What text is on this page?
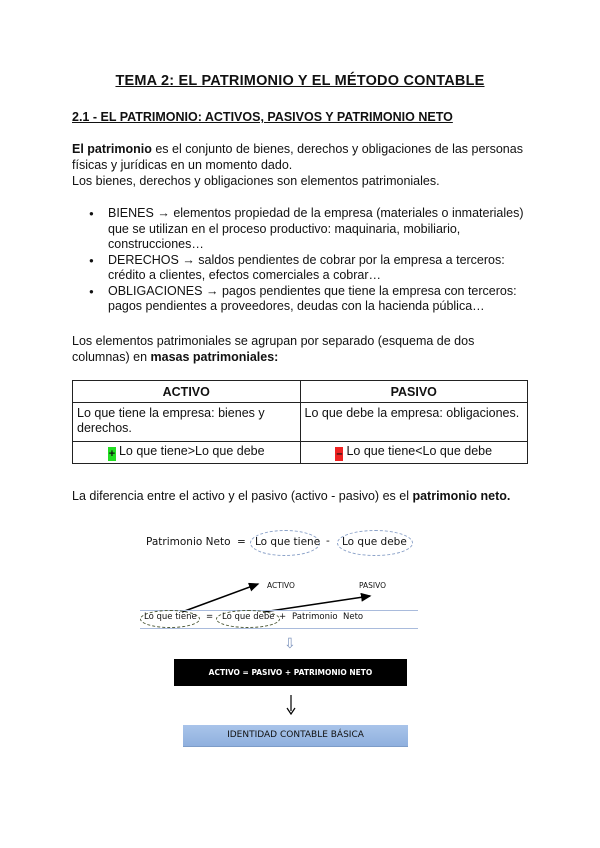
TEMA 2: EL PATRIMONIO Y EL MÉTODO CONTABLE
2.1 - EL PATRIMONIO: ACTIVOS, PASIVOS Y PATRIMONIO NETO
El patrimonio es el conjunto de bienes, derechos y obligaciones de las personas
físicas y jurídicas en un momento dado.
Los bienes, derechos y obligaciones son elementos patrimoniales.
● BIENES → elementos propiedad de la empresa (materiales o inmateriales) que se utilizan en el proceso productivo: maquinaria, mobiliario, construcciones…
● DERECHOS → saldos pendientes de cobrar por la empresa a terceros: crédito a clientes, efectos comerciales a cobrar…
● OBLIGACIONES → pagos pendientes que tiene la empresa con terceros: pagos pendientes a proveedores, deudas con la hacienda pública…
Los elementos patrimoniales se agrupan por separado (esquema de dos columnas) en masas patrimoniales:
ACTIVO	PASIVO
Lo que tiene la empresa: bienes y derechos.	Lo que debe la empresa: obligaciones.
+ Lo que tiene>Lo que debe	– Lo que tiene<Lo que debe
La diferencia entre el activo y el pasivo (activo - pasivo) es el patrimonio neto.
Patrimonio Neto = Lo que tiene - Lo que debe
ACTIVO	PASIVO
Lo que tiene = Lo que debe + Patrimonio  Neto
⇩
ACTIVO = PASIVO + PATRIMONIO NETO
IDENTIDAD CONTABLE BÁSICA
